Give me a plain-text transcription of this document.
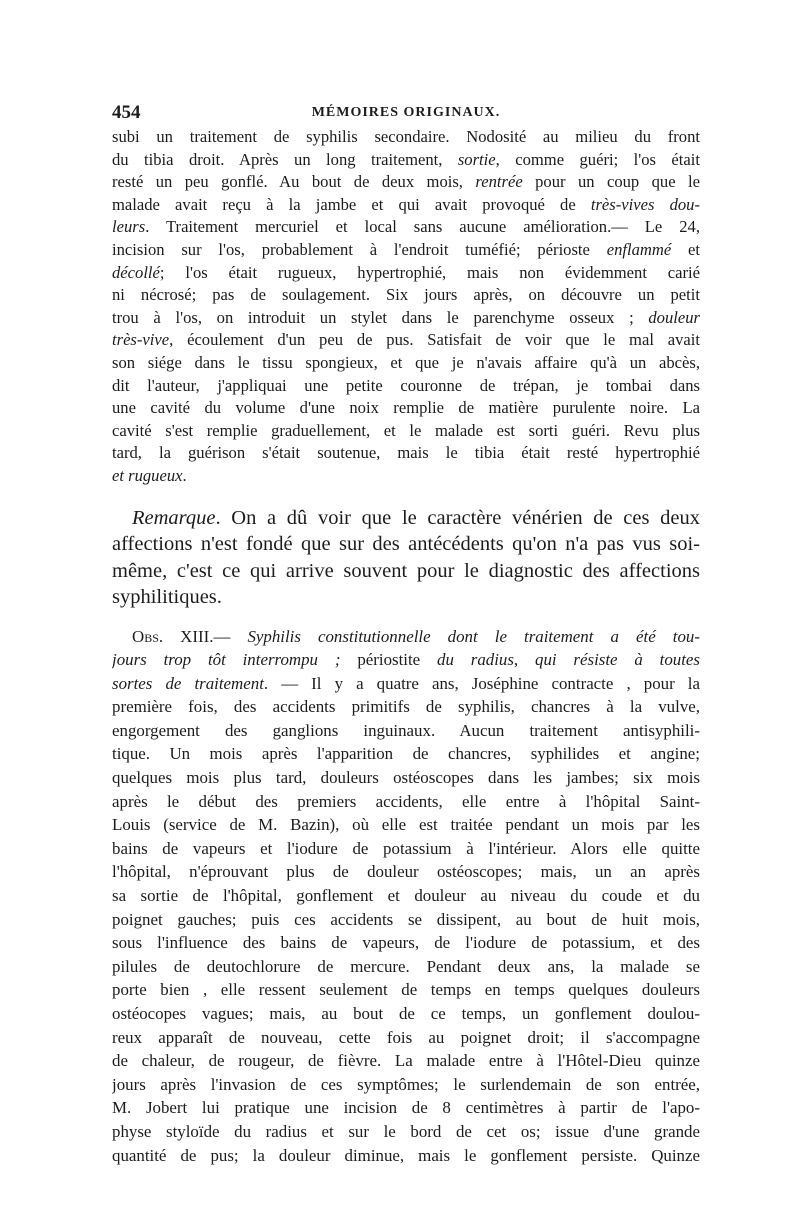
454	MÉMOIRES ORIGINAUX.
subi un traitement de syphilis secondaire. Nodosité au milieu du front
du tibia droit. Après un long traitement, sortie, comme guéri; l'os était
resté un peu gonflé. Au bout de deux mois, rentrée pour un coup que le
malade avait reçu à la jambe et qui avait provoqué de très-vives dou-
leurs. Traitement mercuriel et local sans aucune amélioration.— Le 24,
incision sur l'os, probablement à l'endroit tuméfié; périoste enflammé et
décollé; l'os était rugueux, hypertrophié, mais non évidemment carié
ni nécrosé; pas de soulagement. Six jours après, on découvre un petit
trou à l'os, on introduit un stylet dans le parenchyme osseux ; douleur
très-vive, écoulement d'un peu de pus. Satisfait de voir que le mal avait
son siége dans le tissu spongieux, et que je n'avais affaire qu'à un abcès,
dit l'auteur, j'appliquai une petite couronne de trépan, je tombai dans
une cavité du volume d'une noix remplie de matière purulente noire. La
cavité s'est remplie graduellement, et le malade est sorti guéri. Revu plus
tard, la guérison s'était soutenue, mais le tibia était resté hypertrophié
et rugueux.
Remarque. On a dû voir que le caractère vénérien de ces deux
affections n'est fondé que sur des antécédents qu'on n'a pas vus soi-
même, c'est ce qui arrive souvent pour le diagnostic des affections
syphilitiques.
Obs. XIII.— Syphilis constitutionnelle dont le traitement a été tou-
jours trop tôt interrompu ; périostite du radius, qui résiste à toutes
sortes de traitement. — Il y a quatre ans, Joséphine contracte , pour la
première fois, des accidents primitifs de syphilis, chancres à la vulve,
engorgement des ganglions inguinaux. Aucun traitement antisyphili-
tique. Un mois après l'apparition de chancres, syphilides et angine;
quelques mois plus tard, douleurs ostéoscopes dans les jambes; six mois
après le début des premiers accidents, elle entre à l'hôpital Saint-
Louis (service de M. Bazin), où elle est traitée pendant un mois par les
bains de vapeurs et l'iodure de potassium à l'intérieur. Alors elle quitte
l'hôpital, n'éprouvant plus de douleur ostéoscopes; mais, un an après
sa sortie de l'hôpital, gonflement et douleur au niveau du coude et du
poignet gauches; puis ces accidents se dissipent, au bout de huit mois,
sous l'influence des bains de vapeurs, de l'iodure de potassium, et des
pilules de deutochlorure de mercure. Pendant deux ans, la malade se
porte bien , elle ressent seulement de temps en temps quelques douleurs
ostéocopes vagues; mais, au bout de ce temps, un gonflement doulou-
reux apparaît de nouveau, cette fois au poignet droit; il s'accompagne
de chaleur, de rougeur, de fièvre. La malade entre à l'Hôtel-Dieu quinze
jours après l'invasion de ces symptômes; le surlendemain de son entrée,
M. Jobert lui pratique une incision de 8 centimètres à partir de l'apo-
physe styloïde du radius et sur le bord de cet os; issue d'une grande
quantité de pus; la douleur diminue, mais le gonflement persiste. Quinze
